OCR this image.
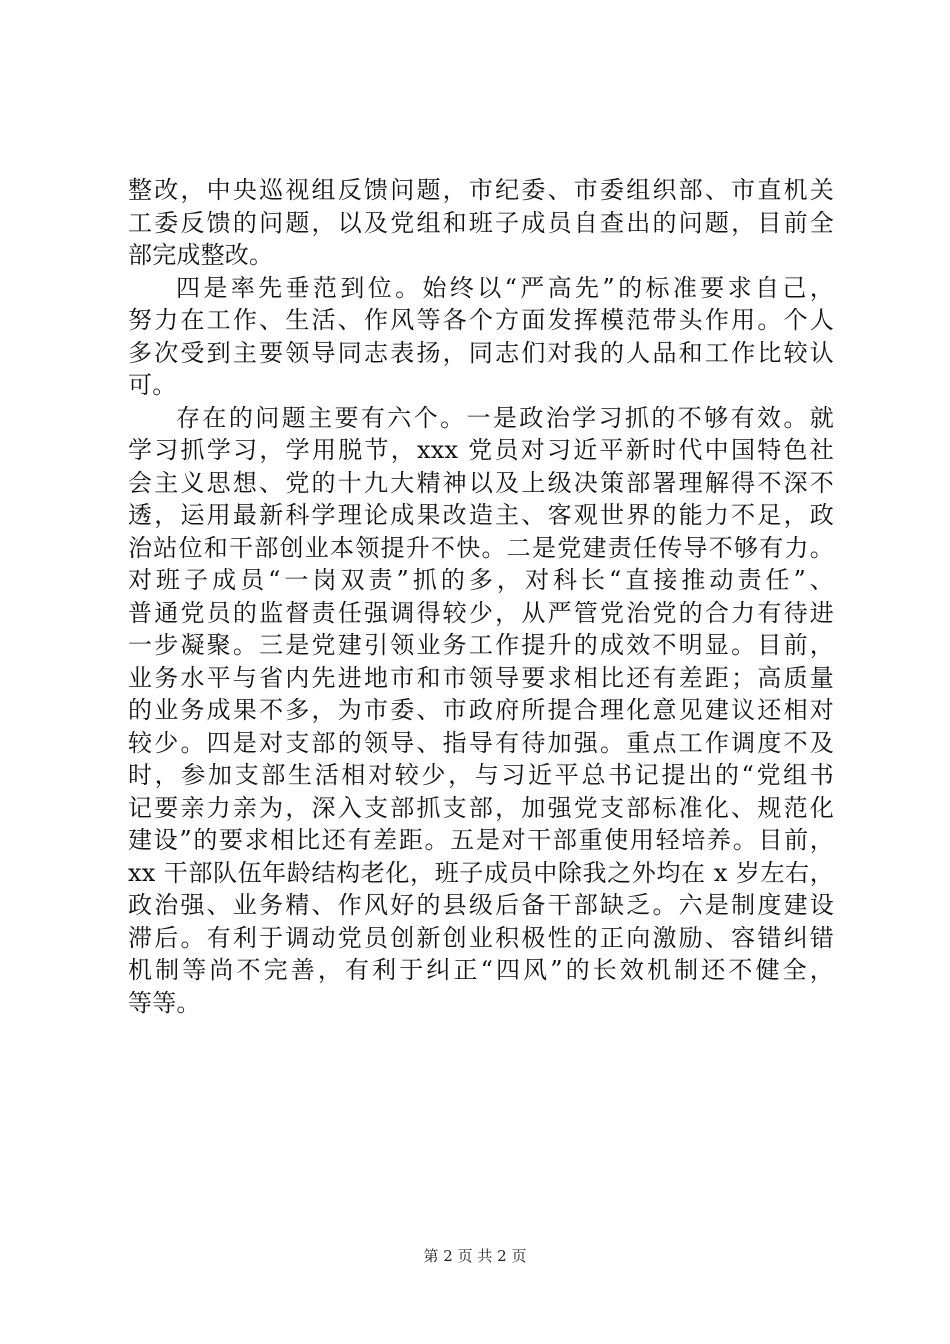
整改，中央巡视组反馈问题，市纪委、市委组织部、市直机关
工委反馈的问题，以及党组和班子成员自查出的问题，目前全
部完成整改。
四是率先垂范到位。始终以“严高先”的标准要求自己，
努力在工作、生活、作风等各个方面发挥模范带头作用。个人
多次受到主要领导同志表扬，同志们对我的人品和工作比较认
可。
存在的问题主要有六个。一是政治学习抓的不够有效。就
学习抓学习，学用脱节，xxx 党员对习近平新时代中国特色社
会主义思想、党的十九大精神以及上级决策部署理解得不深不
透，运用最新科学理论成果改造主、客观世界的能力不足，政
治站位和干部创业本领提升不快。二是党建责任传导不够有力。
对班子成员“一岗双责”抓的多，对科长“直接推动责任”、
普通党员的监督责任强调得较少，从严管党治党的合力有待进
一步凝聚。三是党建引领业务工作提升的成效不明显。目前，
业务水平与省内先进地市和市领导要求相比还有差距；高质量
的业务成果不多，为市委、市政府所提合理化意见建议还相对
较少。四是对支部的领导、指导有待加强。重点工作调度不及
时，参加支部生活相对较少，与习近平总书记提出的“党组书
记要亲力亲为，深入支部抓支部，加强党支部标准化、规范化
建设”的要求相比还有差距。五是对干部重使用轻培养。目前，
xx 干部队伍年龄结构老化，班子成员中除我之外均在 x 岁左右，
政治强、业务精、作风好的县级后备干部缺乏。六是制度建设
滞后。有利于调动党员创新创业积极性的正向激励、容错纠错
机制等尚不完善，有利于纠正“四风”的长效机制还不健全，
等等。
第 2 页 共 2 页
